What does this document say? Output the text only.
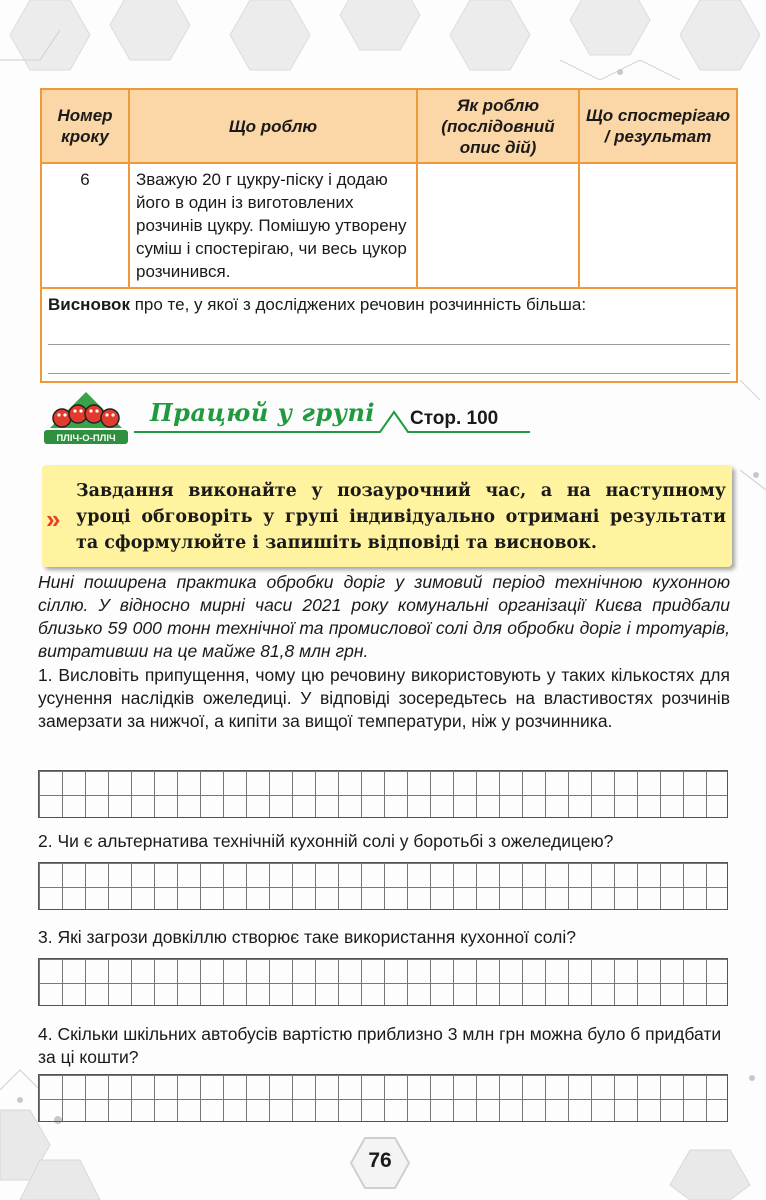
Номер кроку	Що роблю	Як роблю (послідовний опис дій)	Що спостерігаю / результат
6	Зважую 20 г цукру-піску і додаю його в один із виготовлених розчинів цукру. Помішую утворену суміш і спостерігаю, чи весь цукор розчинився.		
Висновок про те, у якої з досліджених речовин розчинність більша:			
ПЛІЧ-О-ПЛІЧ
Працюй у групі Стор. 100
»
Завдання виконайте у позаурочний час, а на наступному уроці обговоріть у групі індивідуально отримані результати та сформулюйте і запишіть відповіді та висновок.
Нині поширена практика обробки доріг у зимовий період технічною кухонною сіллю. У відносно мирні часи 2021 року комунальні організації Києва придбали близько 59 000 тонн технічної та промислової солі для обробки доріг і тротуарів, витративши на це майже 81,8 млн грн.
1. Висловіть припущення, чому цю речовину використовують у таких кількостях для усунення наслідків ожеледиці. У відповіді зосередьтесь на властивостях розчинів замерзати за нижчої, а кипіти за вищої температури, ніж у розчинника.
2. Чи є альтернатива технічній кухонній солі у боротьбі з ожеледицею?
3. Які загрози довкіллю створює таке використання кухонної солі?
4. Скільки шкільних автобусів вартістю приблизно 3 млн грн можна було б придбати за ці кошти?
76
